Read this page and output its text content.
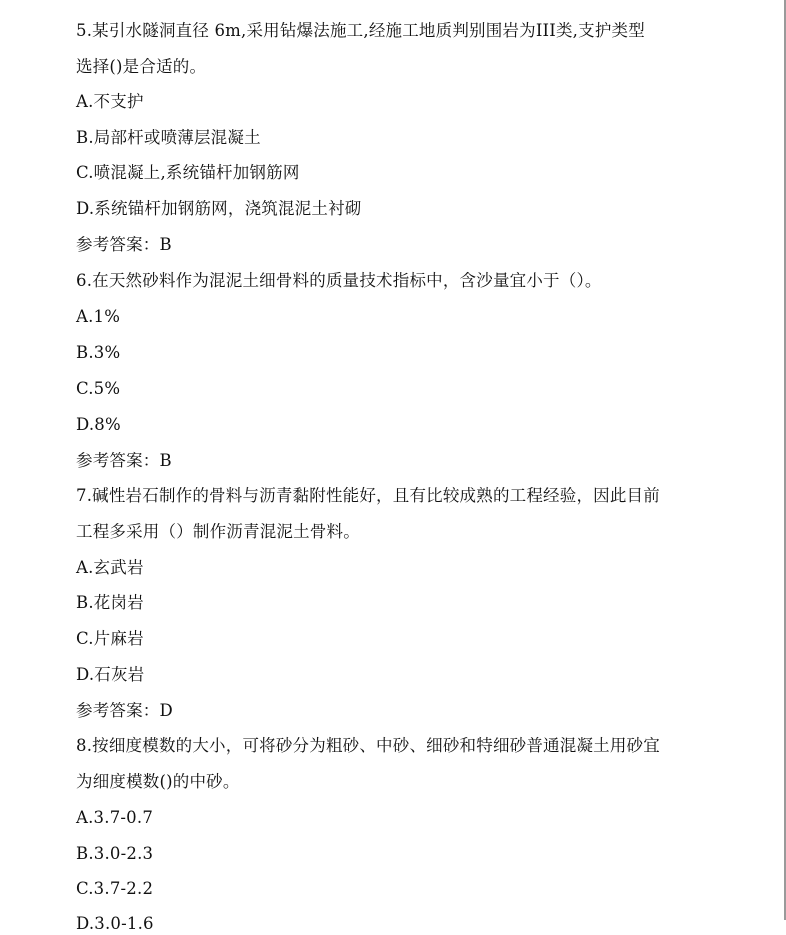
5.某引水隧洞直径 6m,采用钻爆法施工,经施工地质判别围岩为III类,支护类型
选择()是合适的。
A.不支护
B.局部杆或喷薄层混凝土
C.喷混凝上,系统锚杆加钢筋网
D.系统锚杆加钢筋网，浇筑混泥土衬砌
参考答案：B
6.在天然砂料作为混泥土细骨料的质量技术指标中，含沙量宜小于（）。
A.1%
B.3%
C.5%
D.8%
参考答案：B
7.碱性岩石制作的骨料与沥青黏附性能好，且有比较成熟的工程经验，因此目前
工程多采用（）制作沥青混泥土骨料。
A.玄武岩
B.花岗岩
C.片麻岩
D.石灰岩
参考答案：D
8.按细度模数的大小，可将砂分为粗砂、中砂、细砂和特细砂普通混凝土用砂宜
为细度模数()的中砂。
A.3.7-0.7
B.3.0-2.3
C.3.7-2.2
D.3.0-1.6
